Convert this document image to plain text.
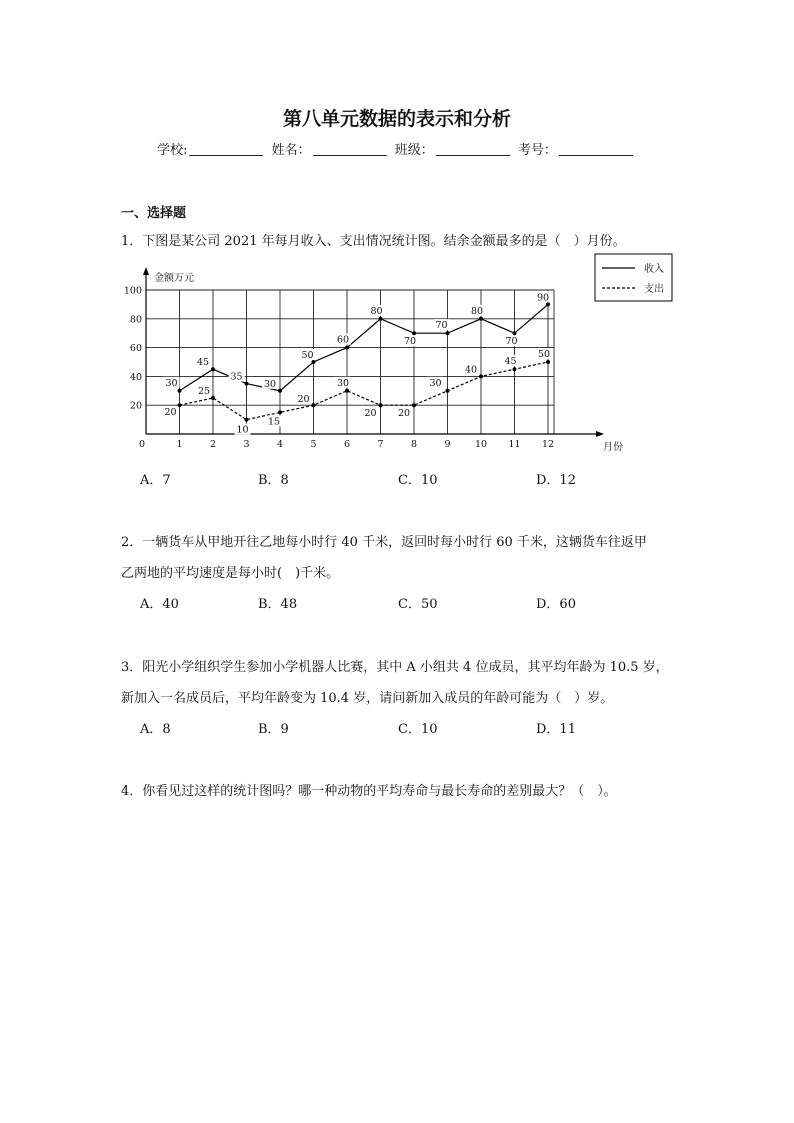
第八单元数据的表示和分析
学校:	姓名：	班级：	考号：
一、选择题
1．下图是某公司 2021 年每月收入、支出情况统计图。结余金额最多的是（　）月份。
20
40
60
80
100
1	2	3	4	5	6	7	8	9	10 11 12
0
金额万元
月份
30
45
35
30
50
60
80
70
70
80
70
90
20
25
10
15
20
30
20 20
30
40
45
50
收入
支出
A．7	B．8	C．10	D．12
2．一辆货车从甲地开往乙地每小时行 40 千米，返回时每小时行 60 千米，这辆货车往返甲
乙两地的平均速度是每小时(　)千米。
A．40	B．48	C．50	D．60
3．阳光小学组织学生参加小学机器人比赛，其中 A 小组共 4 位成员，其平均年龄为 10.5 岁，
新加入一名成员后，平均年龄变为 10.4 岁，请问新加入成员的年龄可能为（　）岁。
A．8	B．9	C．10	D．11
4．你看见过这样的统计图吗？哪一种动物的平均寿命与最长寿命的差别最大？（　）。
